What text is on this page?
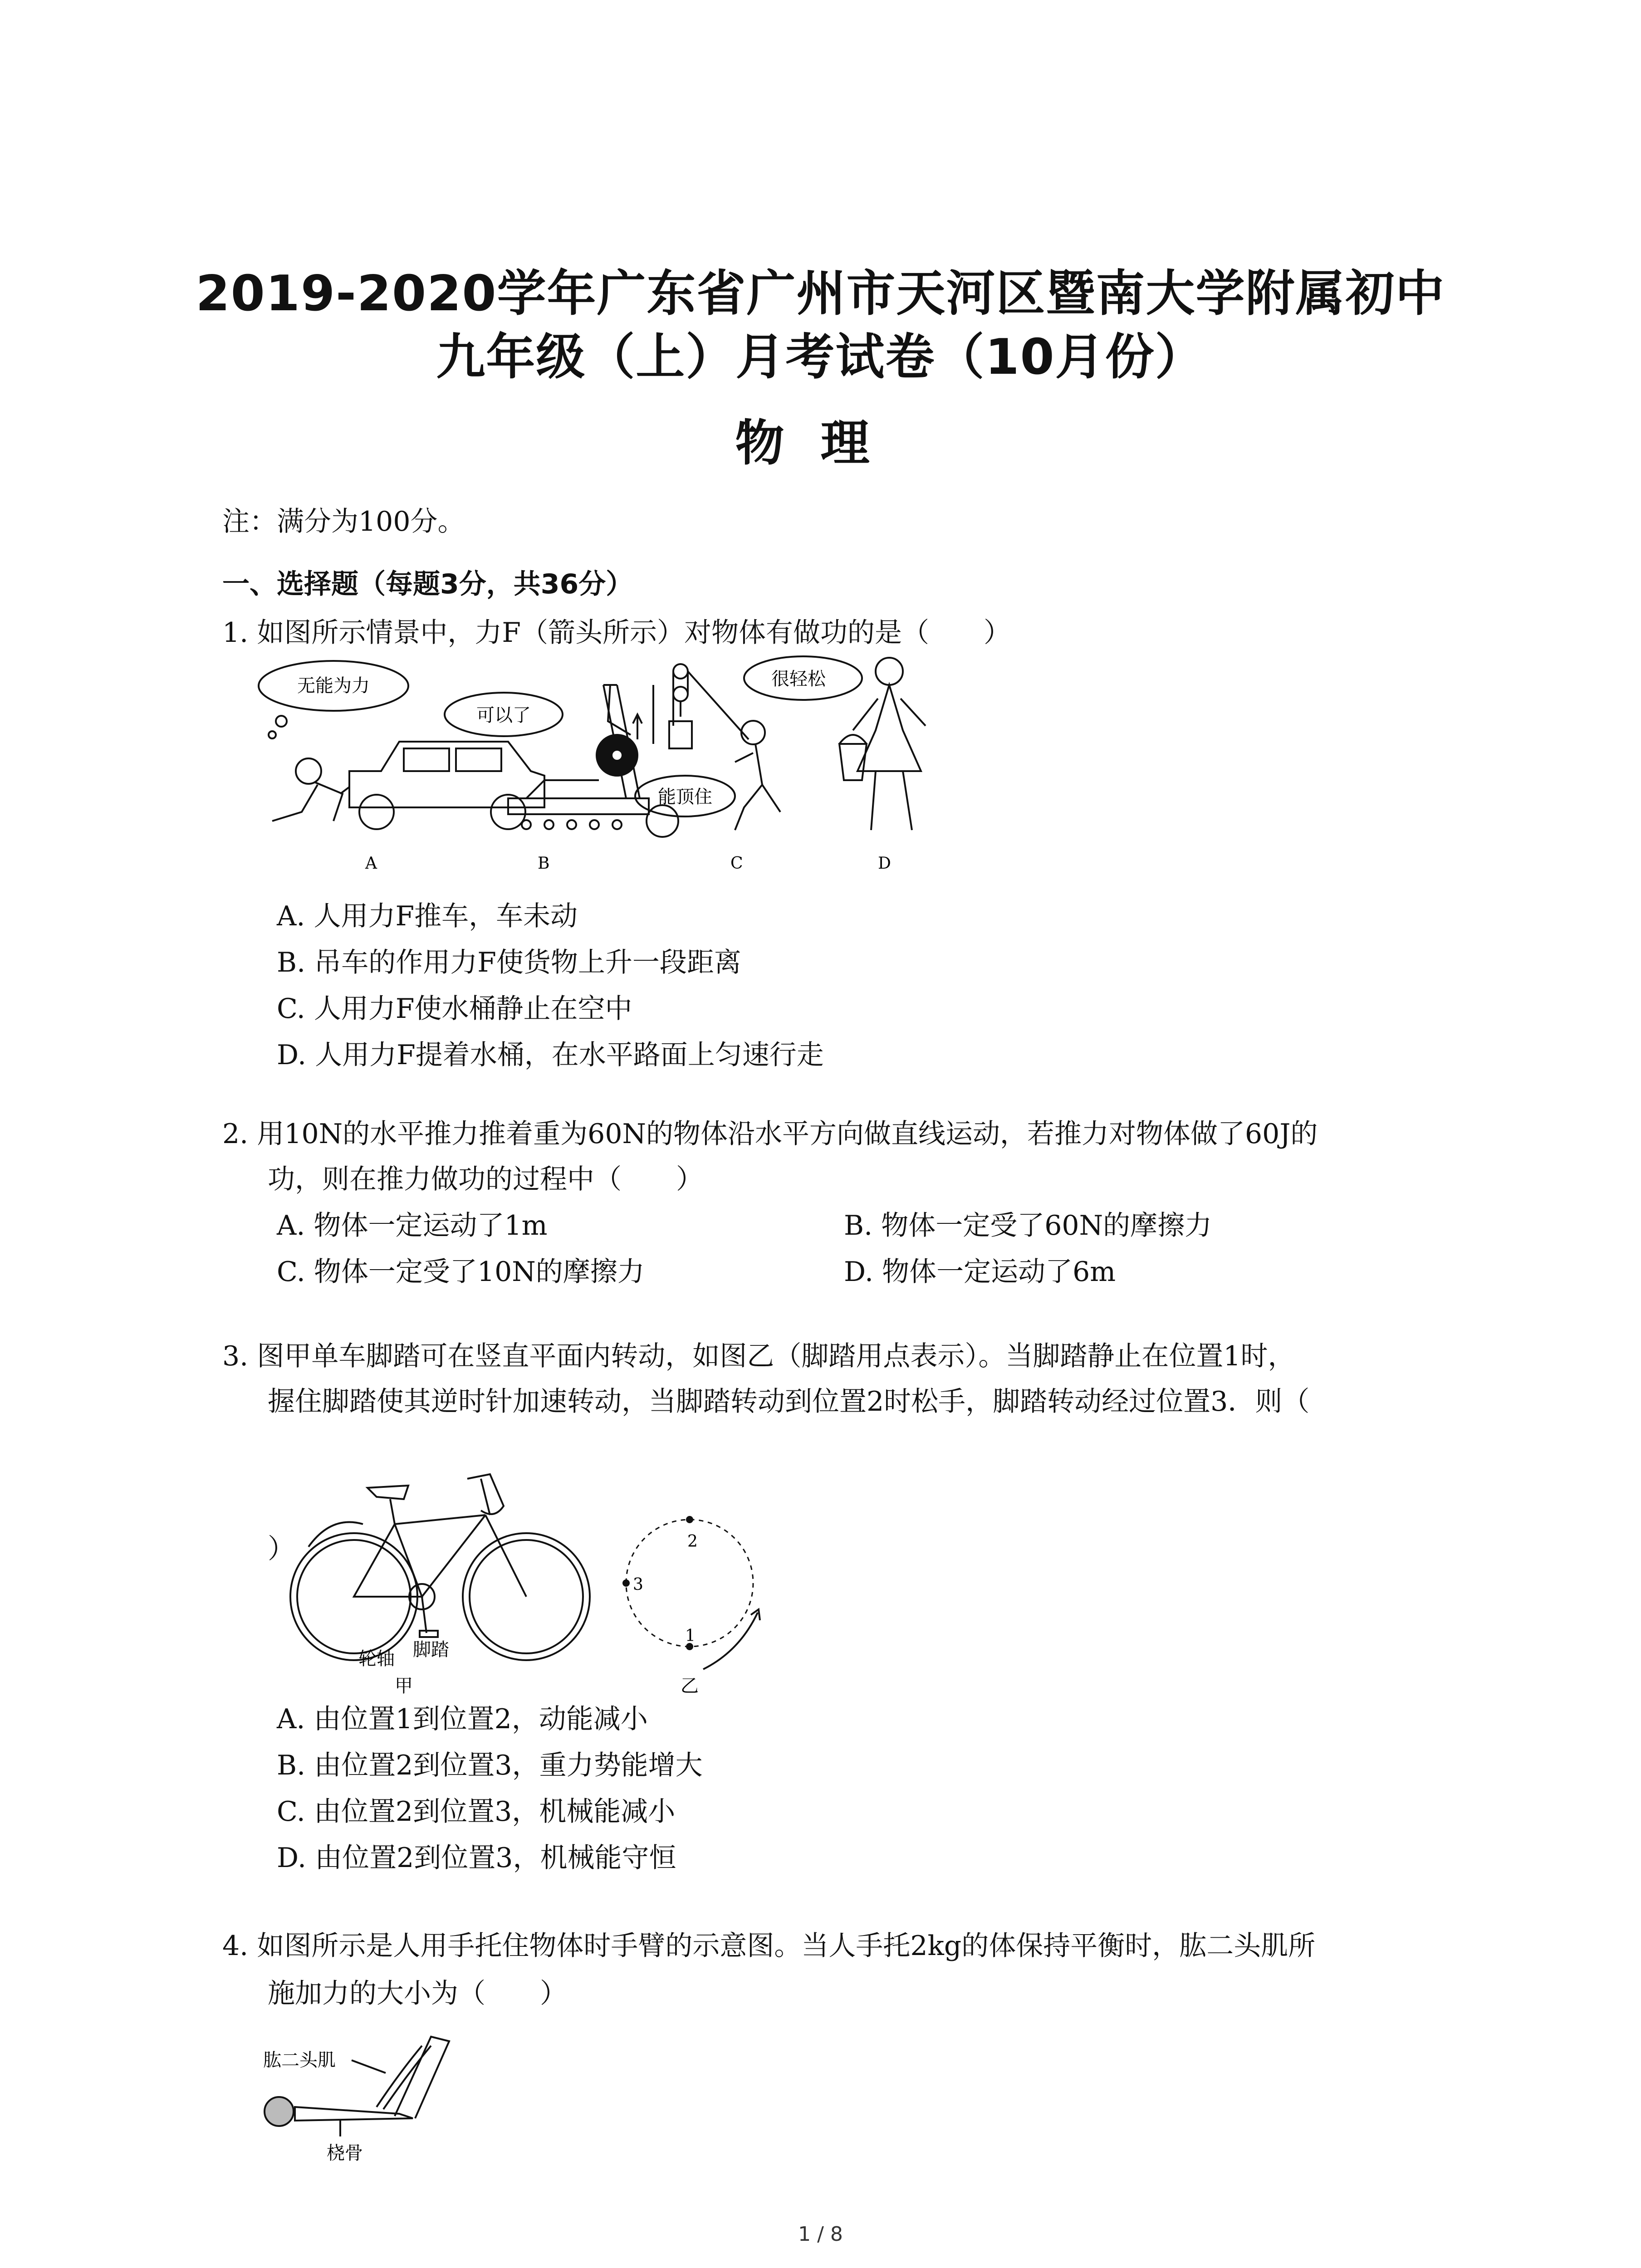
2019-2020学年广东省广州市天河区暨南大学附属初中
九年级（上）月考试卷（10月份）
物理
注：满分为100分。
一、选择题（每题3分，共36分）
1. 如图所示情景中，力F（箭头所示）对物体有做功的是（　　）
无能为力
可以了
很轻松
能顶住
A	B	C	D
A. 人用力F推车，车未动
B. 吊车的作用力F使货物上升一段距离
C. 人用力F使水桶静止在空中
D. 人用力F提着水桶，在水平路面上匀速行走
2. 用10N的水平推力推着重为60N的物体沿水平方向做直线运动，若推力对物体做了60J的
功，则在推力做功的过程中（　　）
A. 物体一定运动了1m	B. 物体一定受了60N的摩擦力
C. 物体一定受了10N的摩擦力	D. 物体一定运动了6m
3. 图甲单车脚踏可在竖直平面内转动，如图乙（脚踏用点表示）。当脚踏静止在位置1时，
握住脚踏使其逆时针加速转动，当脚踏转动到位置2时松手，脚踏转动经过位置3．则（
）
轮轴 脚踏
甲
2
1
3
乙
A. 由位置1到位置2，动能减小
B. 由位置2到位置3，重力势能增大
C. 由位置2到位置3，机械能减小
D. 由位置2到位置3，机械能守恒
4. 如图所示是人用手托住物体时手臂的示意图。当人手托2kg的体保持平衡时，肱二头肌所
施加力的大小为（　　）
肱二头肌
桡骨
1 / 8
